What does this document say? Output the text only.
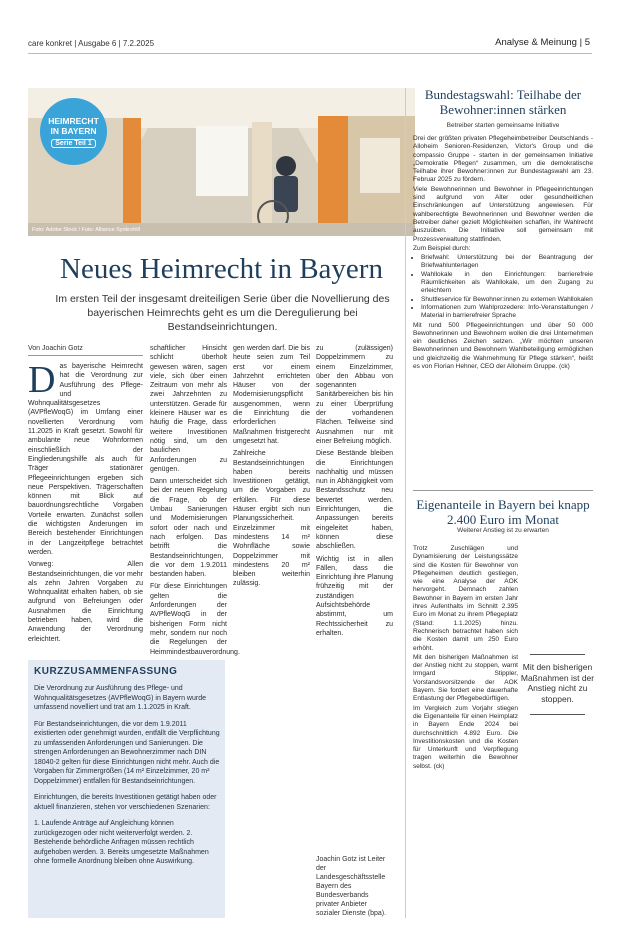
care konkret | Ausgabe 6 | 7.2.2025	Analyse & Meinung | 5
Foto: Adobe Stock / Foto: Alliance Synkrohill
HEIMRECHT
IN BAYERN
Serie Teil 1
Neues Heimrecht in Bayern
Im ersten Teil der insgesamt dreiteiligen Serie über die Novellierung des bayerischen Heimrechts geht es um die Deregulierung bei Bestandseinrichtungen.
Von Joachin Gotz
D as bayerische Heimrecht hat die Verordnung zur Ausführung des Pflege- und Wohnqualitätsgesetzes (AVPfleWoqG) im Umfang einer novellierten Verordnung vom 11.2025 in Kraft gesetzt. Sowohl für ambulante neue Wohnformen einschließlich der Eingliederungshilfe als auch für Träger stationärer Pflegeeinrichtungen ergeben sich neue Perspektiven. Trägerschaften können mit Blick auf bauordnungsrechtliche Vorgaben Vorteile erwarten. Zunächst sollen die wichtigsten Änderungen im Bereich bestehender Einrichtungen in der Langzeitpflege betrachtet werden.

Vorweg: Allen Bestandseinrichtungen, die vor mehr als zehn Jahren Vorgaben zu Wohnqualität erhalten haben, ob sie aufgrund von Befreiungen oder Ausnahmen die Einrichtung betrieben haben, wird die Anwendung der Verordnung erleichtert.

schaftlicher Hinsicht schlicht überholt gewesen wären, sagen viele, sich über einen Zeitraum von mehr als zwei Jahrzehnten zu unterstützen. Gerade für kleinere Häuser war es häufig die Frage, dass weitere Investitionen nötig sind, um den baulichen Anforderungen zu genügen.

Dann unterscheidet sich bei der neuen Regelung die Frage, ob der Umbau Sanierungen und Modernisierungen sofort oder nach und nach erfolgen. Das betrifft die Bestandseinrichtungen, die vor dem 1.9.2011 bestanden haben.

Für diese Einrichtungen gelten die Anforderungen der AVPfleWoqG in der bisherigen Form nicht mehr, sondern nur noch die Regelungen der Heimmindestbauverordnung.

gen werden darf. Die bis heute seien zum Teil erst vor einem Jahrzehnt errichteten Häuser von der Modernisierungspflicht ausgenommen, wenn die Einrichtung die erforderlichen Maßnahmen fristgerecht umgesetzt hat.

Zahlreiche Bestandseinrichtungen haben bereits Investitionen getätigt, um die Vorgaben zu erfüllen. Für diese Häuser ergibt sich nun Planungssicherheit. Einzelzimmer mit mindestens 14 m² Wohnfläche sowie Doppelzimmer mit mindestens 20 m² bleiben weiterhin zulässig.

zu (zulässigen) Doppelzimmern zu einem Einzelzimmer, über den Abbau von sogenannten Sanitärbereichen bis hin zu einer Überprüfung der vorhandenen Flächen. Teilweise sind Ausnahmen nur mit einer Befreiung möglich.

Diese Bestände bleiben die Einrichtungen nachhaltig und müssen nun in Abhängigkeit vom Bestandsschutz neu bewertet werden. Einrichtungen, die Anpassungen bereits eingeleitet haben, können diese abschließen.

Wichtig ist in allen Fällen, dass die Einrichtung ihre Planung frühzeitig mit der zuständigen Aufsichtsbehörde abstimmt, um Rechtssicherheit zu erhalten.

Joachin Gotz ist Leiter der Landesgeschäftsstelle Bayern des Bundesverbands privater Anbieter sozialer Dienste (bpa).
KURZZUSAMMENFASSUNG

Die Verordnung zur Ausführung des Pflege- und Wohnqualitätsgesetzes (AVPfleWoqG) in Bayern wurde umfassend novelliert und trat am 1.1.2025 in Kraft.

Für Bestandseinrichtungen, die vor dem 1.9.2011 existierten oder genehmigt wurden, entfällt die Verpflichtung zu umfassenden Anforderungen und Sanierungen. Die strengen Anforderungen an Bewohnerzimmer nach DIN 18040-2 gelten für diese Einrichtungen nicht mehr. Auch die Vorgaben für Zimmergrößen (14 m² Einzelzimmer, 20 m² Doppelzimmer) entfallen für Bestandseinrichtungen.

Einrichtungen, die bereits Investitionen getätigt haben oder aktuell finanzieren, stehen vor verschiedenen Szenarien:

1. Laufende Anträge auf Angleichung können zurückgezogen oder nicht weiterverfolgt werden. 2. Bestehende behördliche Anfragen müssen rechtlich aufgehoben werden. 3. Bereits umgesetzte Maßnahmen ohne formelle Anordnung bleiben ohne Auswirkung.

Bundestagswahl: Teilhabe der Bewohner:innen stärken
Betreiber starten gemeinsame Initiative

Drei der größten privaten Pflegeheimbetreiber Deutschlands - Alloheim Senioren-Residenzen, Victor's Group und die compassio Gruppe - starten in der gemeinsamen Initiative „Demokratie Pflegen“ zusammen, um die demokratische Teilhabe ihrer Bewohner:innen zur Bundestagswahl am 23. Februar 2025 zu fördern.

Viele Bewohnerinnen und Bewohner in Pflegeeinrichtungen sind aufgrund von Alter oder gesundheitlichen Einschränkungen auf Unterstützung angewiesen. Für wahlberechtigte Bewohnerinnen und Bewohner werden die Betreiber daher gezielt Möglichkeiten schaffen, ihr Wahlrecht auszuüben. Die Initiative soll gemeinsam mit Prozessverwaltung stattfinden.

Zum Beispiel durch:

• Briefwahl: Unterstützung bei der Beantragung der Briefwahlunterlagen
• Wahllokale in den Einrichtungen: barrierefreie Räumlichkeiten als Wahllokale, um den Zugang zu erleichtern
• Shuttleservice für Bewohner:innen zu externen Wahllokalen
• Informationen zum Wahlprozedere: Info-Veranstaltungen / Material in barrierefreier Sprache

Mit rund 500 Pflegeeinrichtungen und über 50 000 Bewohnerinnen und Bewohnern wollen die drei Unternehmen ein deutliches Zeichen setzen. „Wir möchten unseren Bewohnerinnen und Bewohnern Wahlbeteiligung ermöglichen und gleichzeitig die Wahrnehmung für Pflege stärken“, heißt es von Florian Hehner, CEO der Alloheim Gruppe. (ck)

Eigenanteile in Bayern bei knapp 2.400 Euro im Monat
Weiterer Anstieg ist zu erwarten

Trotz Zuschlägen und Dynamisierung der Leistungssätze sind die Kosten für Bewohner von Pflegeheimen deutlich gestiegen, wie eine Analyse der AOK hervorgeht. Demnach zahlen Bewohner in Bayern im ersten Jahr ihres Aufenthalts im Schnitt 2.395 Euro im Monat zu ihrem Pflegeplatz (Stand: 1.1.2025) hinzu. Rechnerisch betrachtet haben sich die Kosten damit um 250 Euro erhöht.

Mit den bisherigen Maßnahmen ist der Anstieg nicht zu stoppen, warnt Irmgard Stippler, Vorstandsvorsitzende der AOK Bayern. Sie fordert eine dauerhafte Entlastung der Pflegebedürftigen.

Im Vergleich zum Vorjahr stiegen die Eigenanteile für einen Heimplatz in Bayern Ende 2024 bei durchschnittlich 4.892 Euro. Die Investitionskosten und die Kosten für Unterkunft und Verpflegung tragen weiterhin die Bewohner selbst. (ck)

Mit den bisherigen Maßnahmen ist der Anstieg nicht zu stoppen.
